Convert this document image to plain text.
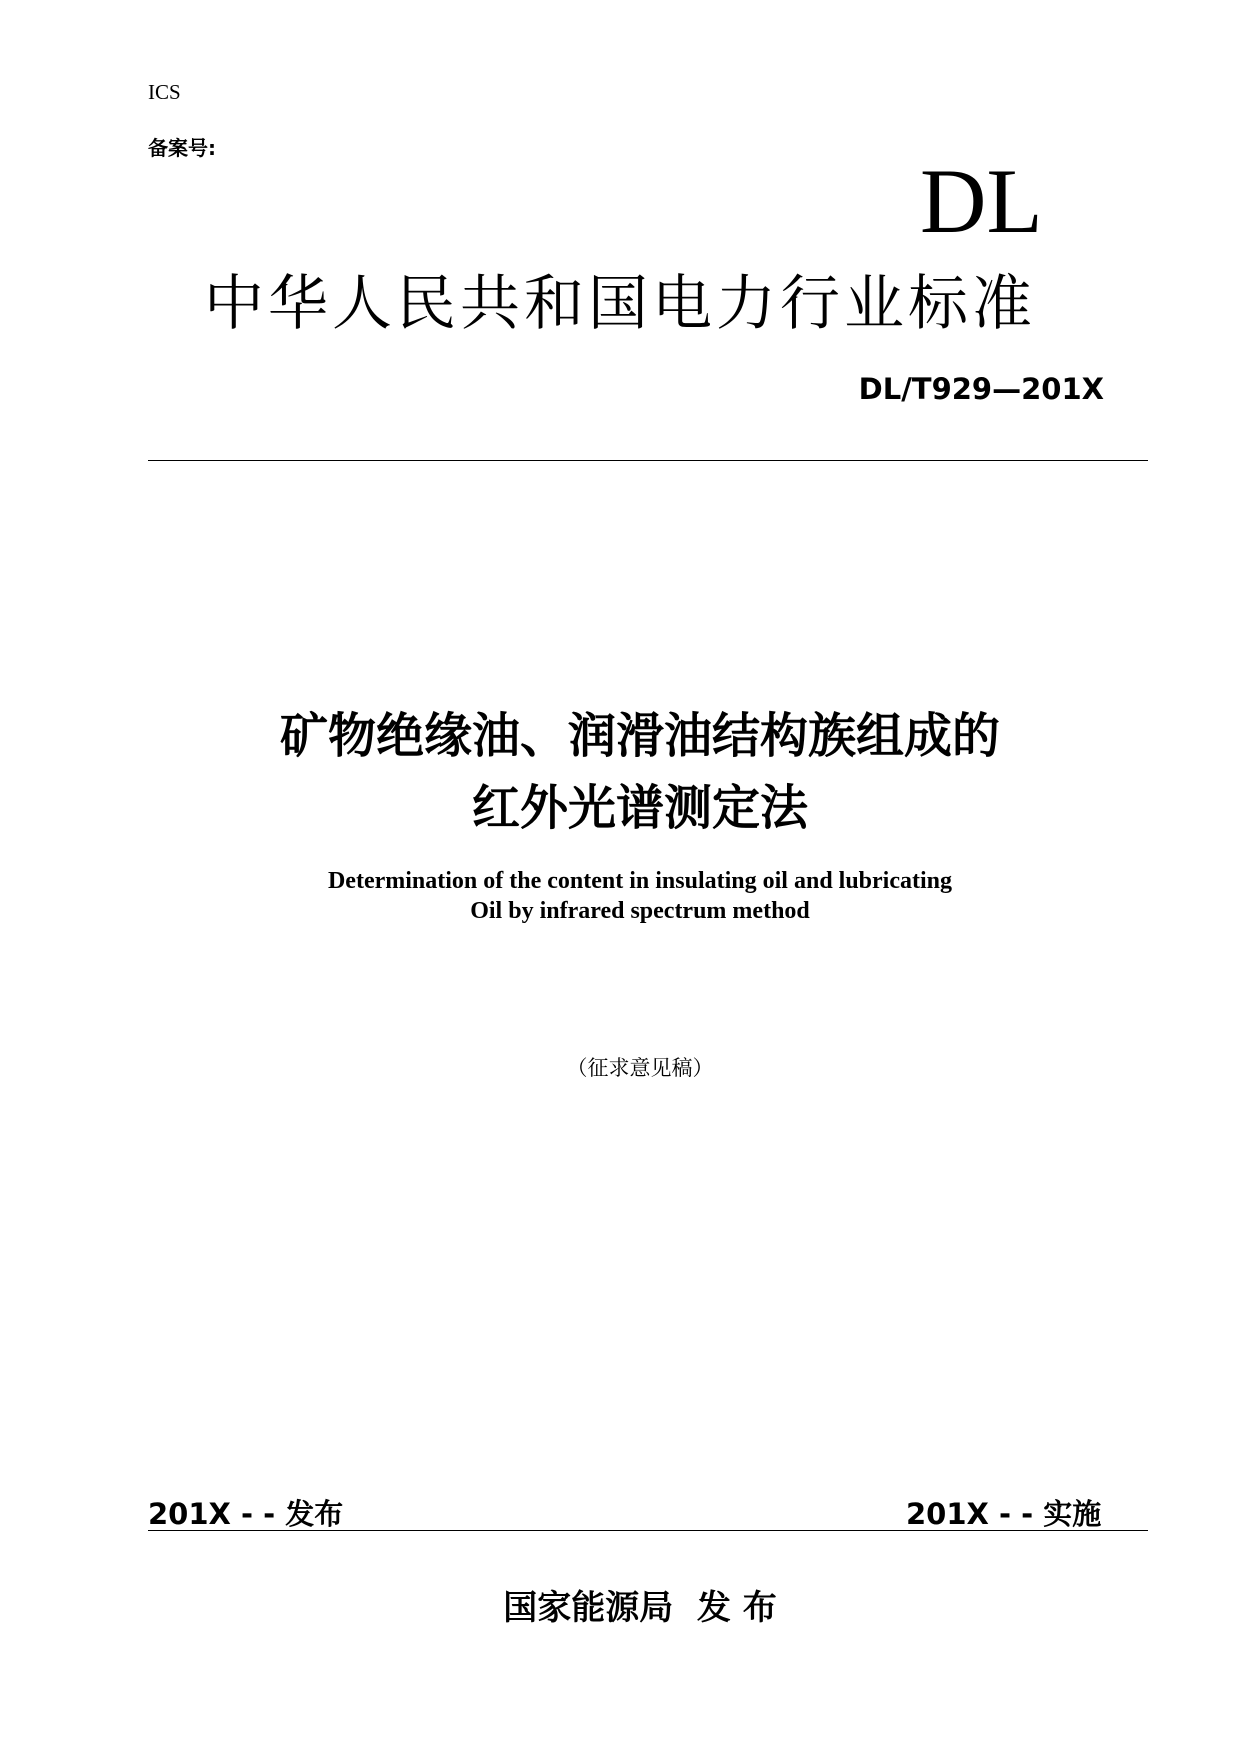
ICS
备案号:
DL
中华人民共和国电力行业标准
DL/T929—201X
矿物绝缘油、润滑油结构族组成的
红外光谱测定法
Determination of the content in insulating oil and lubricating
Oil by infrared spectrum method
（征求意见稿）
201X - - 发布	201X - - 实施
国家能源局  发 布
